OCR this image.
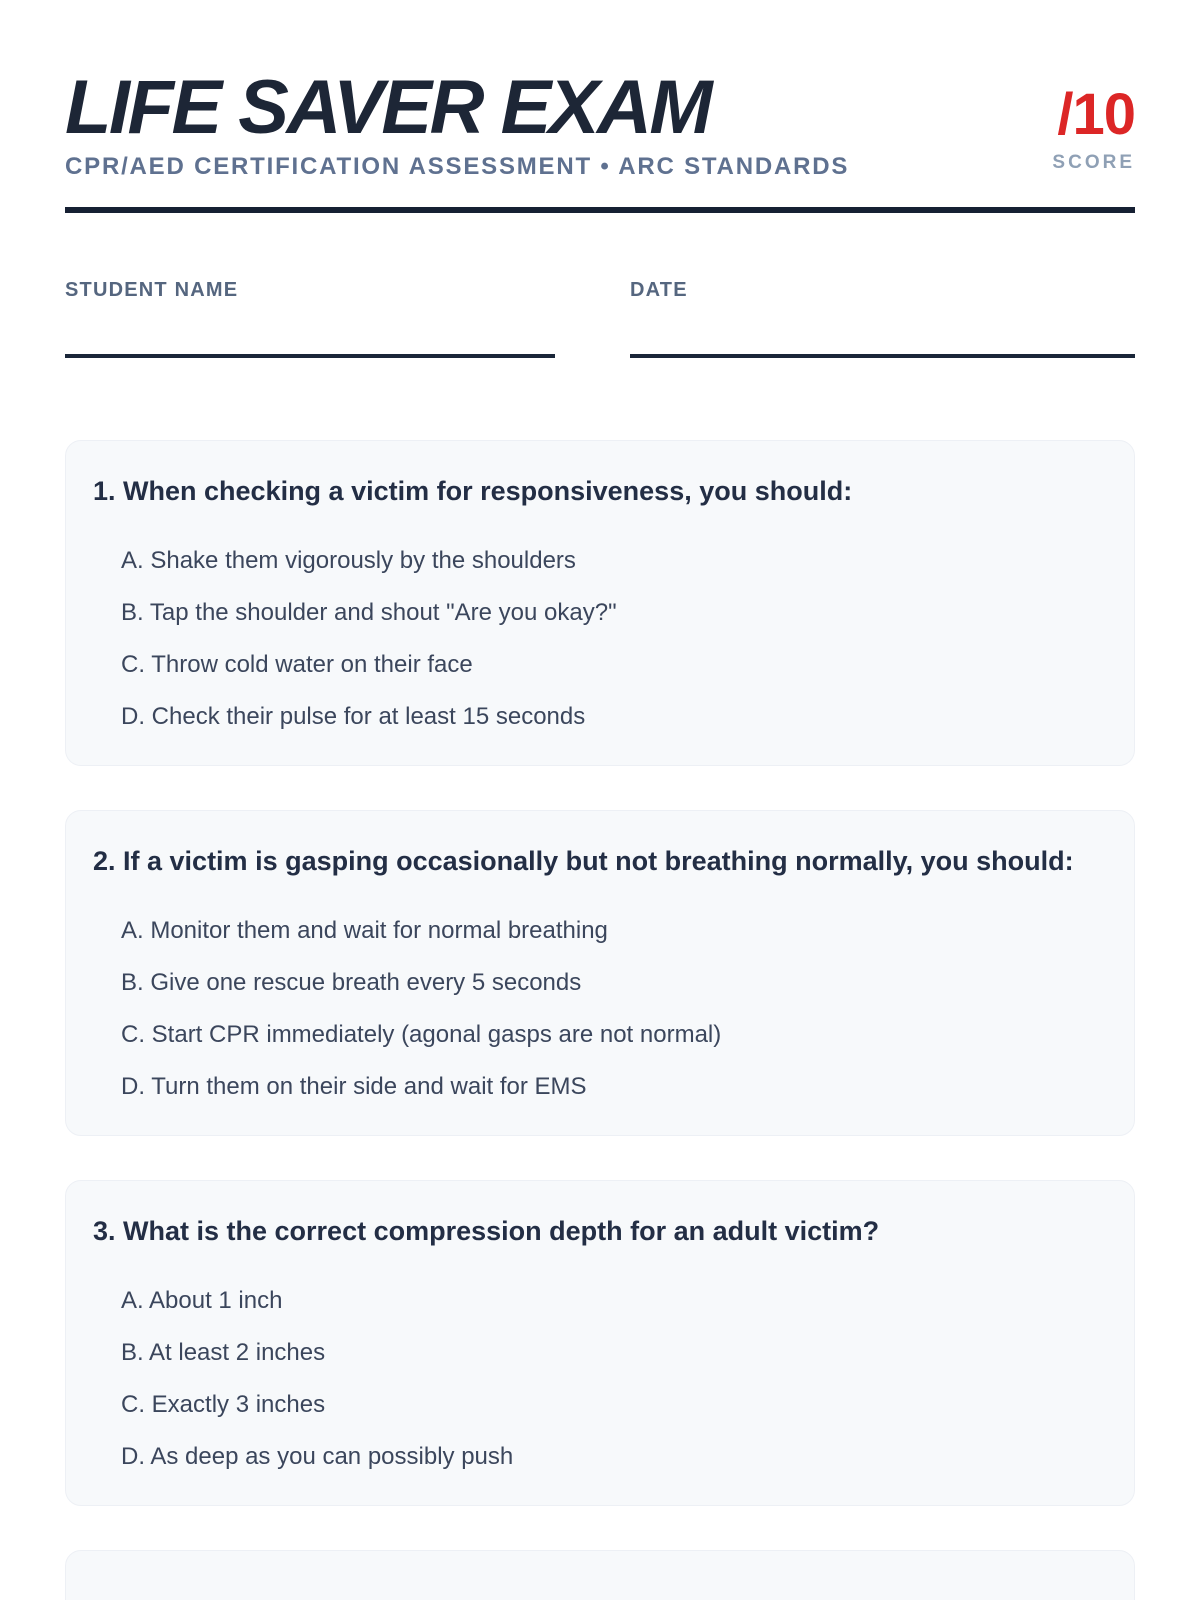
LIFE SAVER EXAM
CPR/AED CERTIFICATION ASSESSMENT • ARC STANDARDS
/10
SCORE
STUDENT NAME	DATE
1. When checking a victim for responsiveness, you should:
A. Shake them vigorously by the shoulders
B. Tap the shoulder and shout "Are you okay?"
C. Throw cold water on their face
D. Check their pulse for at least 15 seconds
2. If a victim is gasping occasionally but not breathing normally, you should:
A. Monitor them and wait for normal breathing
B. Give one rescue breath every 5 seconds
C. Start CPR immediately (agonal gasps are not normal)
D. Turn them on their side and wait for EMS
3. What is the correct compression depth for an adult victim?
A. About 1 inch
B. At least 2 inches
C. Exactly 3 inches
D. As deep as you can possibly push
